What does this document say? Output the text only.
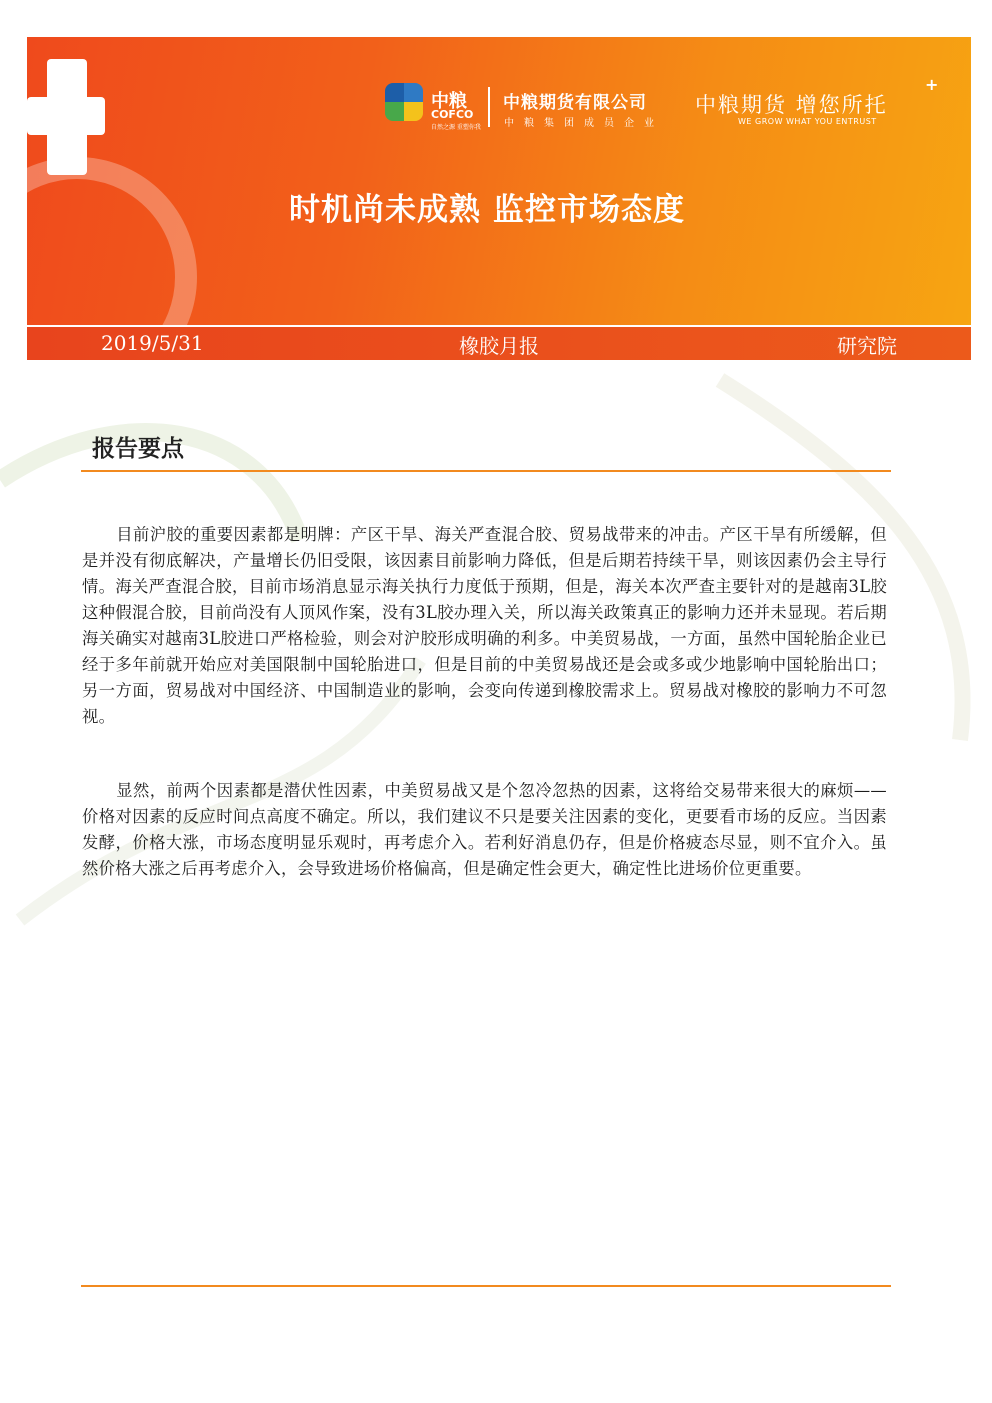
中粮
COFCO
自然之源 重塑你我
中粮期货有限公司
中粮集团成员企业
中粮期货 增您所托
+
WE GROW WHAT YOU ENTRUST
时机尚未成熟 监控市场态度
2019/5/31	橡胶月报	研究院
报告要点

目前沪胶的重要因素都是明牌：产区干旱、海关严查混合胶、贸易战带来的冲击。产区干旱有所缓解，但是并没有彻底解决，产量增长仍旧受限，该因素目前影响力降低，但是后期若持续干旱，则该因素仍会主导行情。海关严查混合胶，目前市场消息显示海关执行力度低于预期，但是，海关本次严查主要针对的是越南3L胶这种假混合胶，目前尚没有人顶风作案，没有3L胶办理入关，所以海关政策真正的影响力还并未显现。若后期海关确实对越南3L胶进口严格检验，则会对沪胶形成明确的利多。中美贸易战，一方面，虽然中国轮胎企业已经于多年前就开始应对美国限制中国轮胎进口，但是目前的中美贸易战还是会或多或少地影响中国轮胎出口；另一方面，贸易战对中国经济、中国制造业的影响，会变向传递到橡胶需求上。贸易战对橡胶的影响力不可忽视。

显然，前两个因素都是潜伏性因素，中美贸易战又是个忽冷忽热的因素，这将给交易带来很大的麻烦——价格对因素的反应时间点高度不确定。所以，我们建议不只是要关注因素的变化，更要看市场的反应。当因素发酵，价格大涨，市场态度明显乐观时，再考虑介入。若利好消息仍存，但是价格疲态尽显，则不宜介入。虽然价格大涨之后再考虑介入，会导致进场价格偏高，但是确定性会更大，确定性比进场价位更重要。
